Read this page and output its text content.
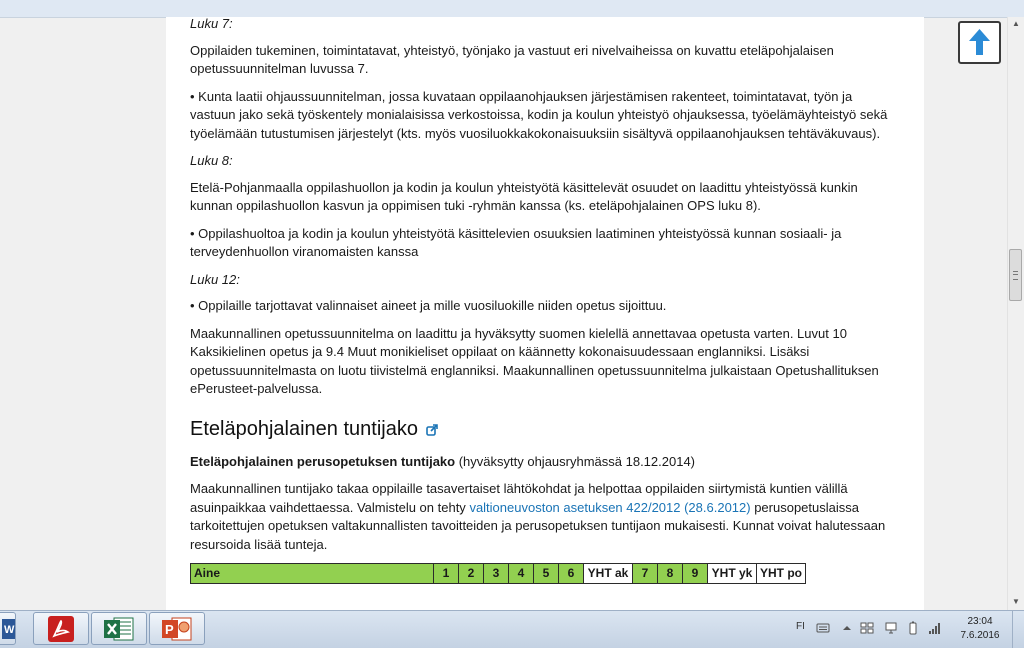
Luku 7:

Oppilaiden tukeminen, toimintatavat, yhteistyö, työnjako ja vastuut eri nivelvaiheissa on kuvattu eteläpohjalaisen opetussuunnitelman luvussa 7.

• Kunta laatii ohjaussuunnitelman, jossa kuvataan oppilaanohjauksen järjestämisen rakenteet, toimintatavat, työn ja vastuun jako sekä työskentely monialaisissa verkostoissa, kodin ja koulun yhteistyö ohjauksessa, työelämäyhteistyö sekä työelämään tutustumisen järjestelyt (kts. myös vuosiluokkakokonaisuuksiin sisältyvä oppilaanohjauksen tehtäväkuvaus).

Luku 8:

Etelä-Pohjanmaalla oppilashuollon ja kodin ja koulun yhteistyötä käsittelevät osuudet on laadittu yhteistyössä kunkin kunnan oppilashuollon kasvun ja oppimisen tuki -ryhmän kanssa (ks. eteläpohjalainen OPS luku 8).

• Oppilashuoltoa ja kodin ja koulun yhteistyötä käsittelevien osuuksien laatiminen yhteistyössä kunnan sosiaali- ja terveydenhuollon viranomaisten kanssa

Luku 12:

• Oppilaille tarjottavat valinnaiset aineet ja mille vuosiluokille niiden opetus sijoittuu.

Maakunnallinen opetussuunnitelma on laadittu ja hyväksytty suomen kielellä annettavaa opetusta varten. Luvut 10 Kaksikielinen opetus ja 9.4 Muut monikieliset oppilaat on käännetty kokonaisuudessaan englanniksi. Lisäksi opetussuunnitelmasta on luotu tiivistelmä englanniksi. Maakunnallinen opetussuunnitelma julkaistaan Opetushallituksen ePerusteet-palvelussa.

Eteläpohjalainen tuntijako

Eteläpohjalainen perusopetuksen tuntijako (hyväksytty ohjausryhmässä 18.12.2014)

Maakunnallinen tuntijako takaa oppilaille tasavertaiset lähtökohdat ja helpottaa oppilaiden siirtymistä kuntien välillä asuinpaikkaa vaihdettaessa. Valmistelu on tehty valtioneuvoston asetuksen 422/2012 (28.6.2012) perusopetuslaissa tarkoitettujen opetuksen valtakunnallisten tavoitteiden ja perusopetuksen tuntijaon mukaisesti. Kunnat voivat halutessaan resursoida lisää tunteja.

Aine	1	2	3	4	5	6	YHT ak	7	8	9	YHT yk	YHT po
▲
▼
W	P	FI	23:04
7.6.2016
